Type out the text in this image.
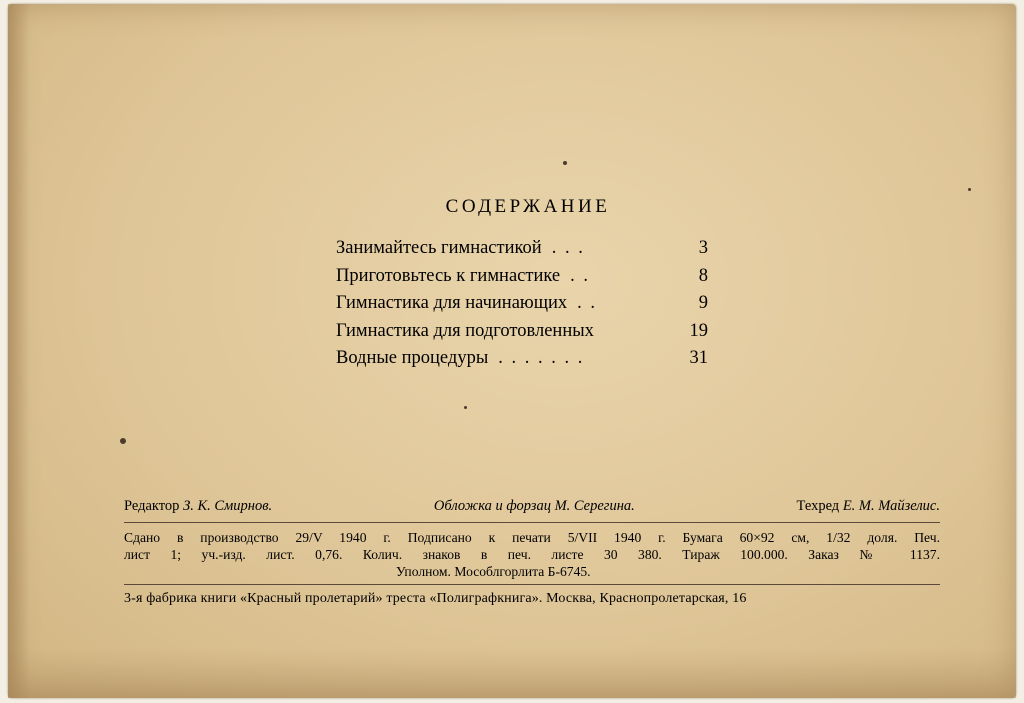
СОДЕРЖАНИЕ
Занимайтесь гимнастикой . . .	3
Приготовьтесь к гимнастике . .	8
Гимнастика для начинающих . .	9
Гимнастика для подготовленных	19
Водные процедуры . . . . . . .	31
Редактор З. К. Смирнов.	Обложка и форзац М. Серегина.	Техред Е. М. Майзелис.
Сдано в производство 29/V 1940 г. Подписано к печати 5/VII 1940 г. Бумага 60×92 см, 1/32 доля. Печ.
лист 1; уч.-изд. лист. 0,76. Колич. знаков в печ. листе 30 380. Тираж 100.000. Заказ № 1137.
Уполном. Мособлгорлита Б-6745.
3-я фабрика книги «Красный пролетарий» треста «Полиграфкнига». Москва, Краснопролетарская, 16
